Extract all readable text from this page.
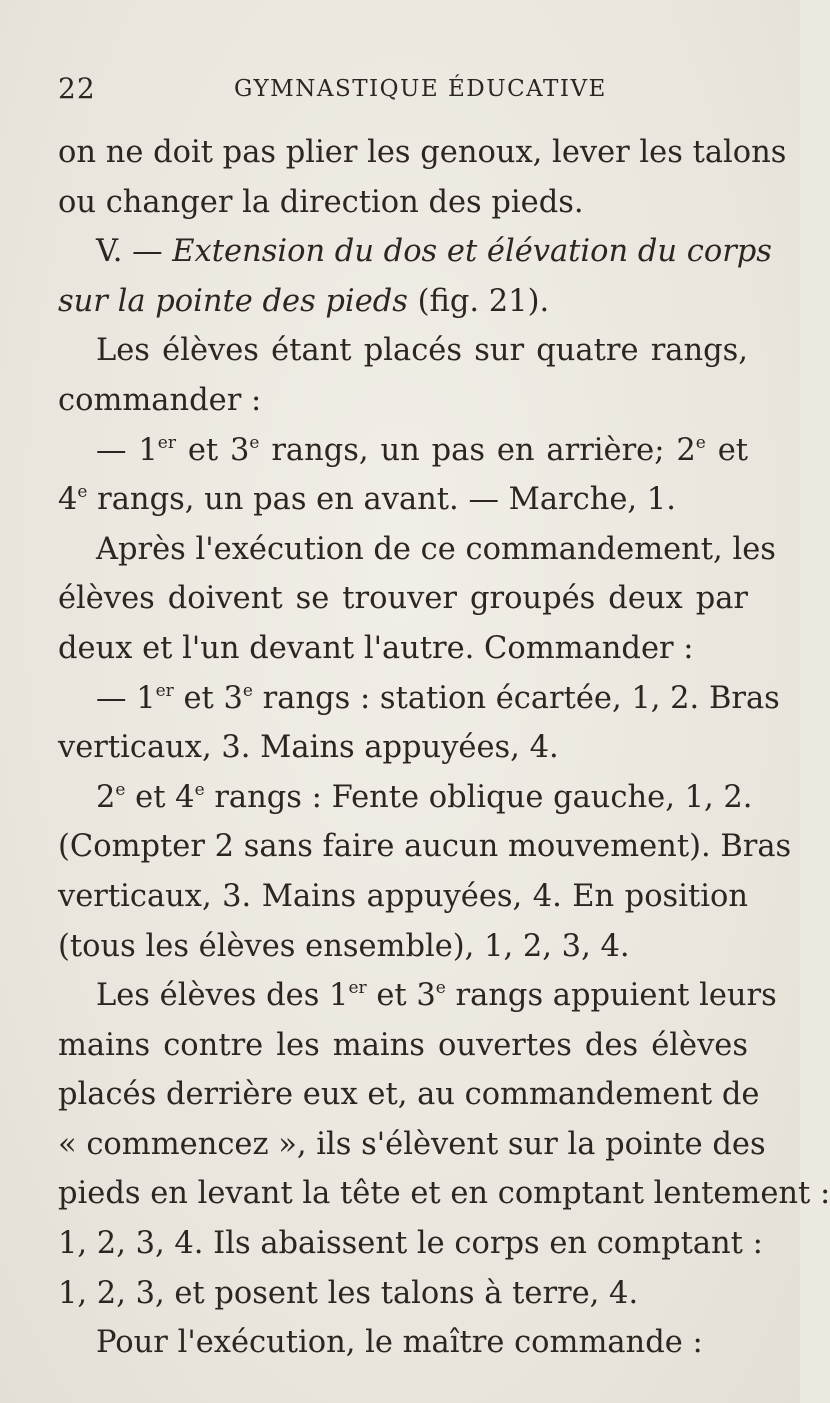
22	GYMNASTIQUE ÉDUCATIVE
on ne doit pas plier les genoux, lever les talons
ou changer la direction des pieds.
V. — Extension du dos et élévation du corps
sur la pointe des pieds (fig. 21).
Les élèves étant placés sur quatre rangs,
commander :
— 1er et 3e rangs, un pas en arrière; 2e et
4e rangs, un pas en avant. — Marche, 1.
Après l'exécution de ce commandement, les
élèves doivent se trouver groupés deux par
deux et l'un devant l'autre. Commander :
— 1er et 3e rangs : station écartée, 1, 2. Bras
verticaux, 3. Mains appuyées, 4.
2e et 4e rangs : Fente oblique gauche, 1, 2.
(Compter 2 sans faire aucun mouvement). Bras
verticaux, 3. Mains appuyées, 4. En position
(tous les élèves ensemble), 1, 2, 3, 4.
Les élèves des 1er et 3e rangs appuient leurs
mains contre les mains ouvertes des élèves
placés derrière eux et, au commandement de
« commencez », ils s'élèvent sur la pointe des
pieds en levant la tête et en comptant lentement :
1, 2, 3, 4. Ils abaissent le corps en comptant :
1, 2, 3, et posent les talons à terre, 4.
Pour l'exécution, le maître commande :
